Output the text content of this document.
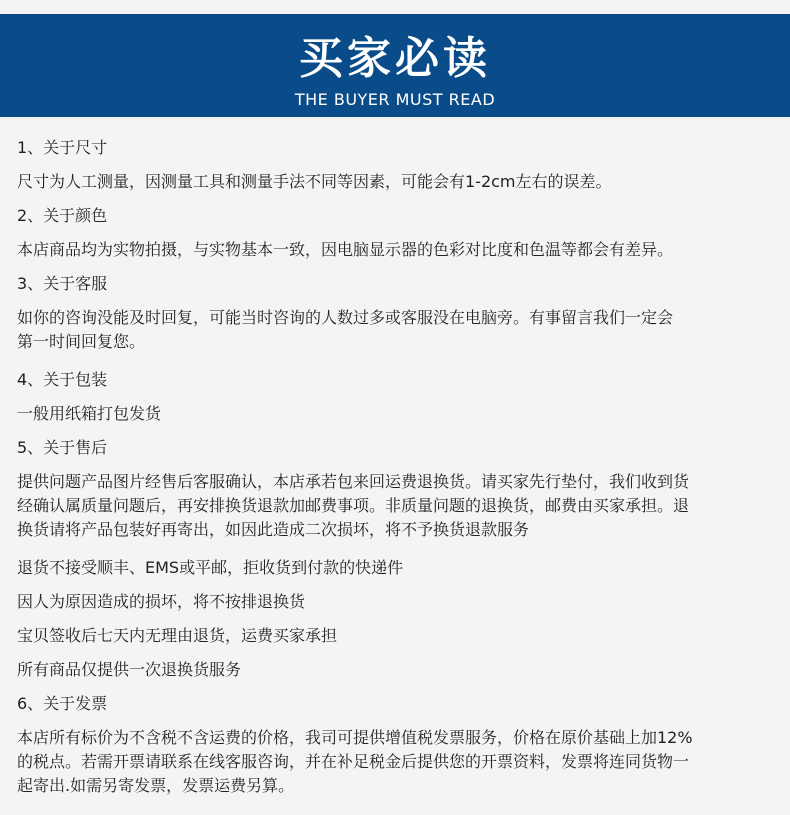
买家必读
THE BUYER MUST READ
1、关于尺寸
尺寸为人工测量，因测量工具和测量手法不同等因素，可能会有1-2cm左右的误差。
2、关于颜色
本店商品均为实物拍摄，与实物基本一致，因电脑显示器的色彩对比度和色温等都会有差异。
3、关于客服
如你的咨询没能及时回复，可能当时咨询的人数过多或客服没在电脑旁。有事留言我们一定会
第一时间回复您。
4、关于包装
一般用纸箱打包发货
5、关于售后
提供问题产品图片经售后客服确认，本店承若包来回运费退换货。请买家先行垫付，我们收到货
经确认属质量问题后，再安排换货退款加邮费事项。非质量问题的退换货，邮费由买家承担。退
换货请将产品包装好再寄出，如因此造成二次损坏，将不予换货退款服务
退货不接受顺丰、EMS或平邮，拒收货到付款的快递件
因人为原因造成的损坏，将不按排退换货
宝贝签收后七天内无理由退货，运费买家承担
所有商品仅提供一次退换货服务
6、关于发票
本店所有标价为不含税不含运费的价格，我司可提供增值税发票服务，价格在原价基础上加12%
的税点。若需开票请联系在线客服咨询，并在补足税金后提供您的开票资料，发票将连同货物一
起寄出.如需另寄发票，发票运费另算。
